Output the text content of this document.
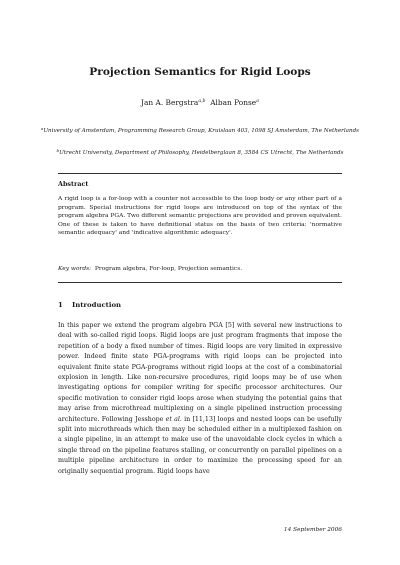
Projection Semantics for Rigid Loops
Jan A. Bergstra$^{a,b}$ Alban Ponse$^a$
$^a$University of Amsterdam, Programming Research Group, Kruislaan 403, 1098 SJ Amsterdam, The Netherlands
$^b$Utrecht University, Department of Philosophy, Heidelberglaan 8, 3584 CS Utrecht, The Netherlands
Abstract
A rigid loop is a for-loop with a counter not accessible to the loop body or any other part of a program. Special instructions for rigid loops are introduced on top of the syntax of the program algebra PGA. Two different semantic projections are provided and proven equivalent. One of these is taken to have definitional status on the basis of two criteria: 'normative semantic adequacy' and 'indicative algorithmic adequacy'.
Key words: Program algebra, For-loop, Projection semantics.
1 Introduction
In this paper we extend the program algebra PGA [5] with several new instructions to deal with so-called rigid loops. Rigid loops are just program fragments that impose the repetition of a body a fixed number of times. Rigid loops are very limited in expressive power. Indeed finite state PGA-programs with rigid loops can be projected into equivalent finite state PGA-programs without rigid loops at the cost of a combinatorial explosion in length. Like non-recursive procedures, rigid loops may be of use when investigating options for compiler writing for specific processor architectures. Our specific motivation to consider rigid loops arose when studying the potential gains that may arise from microthread multiplexing on a single pipelined instruction processing architecture. Following Jesshope et al. in [11,13] loops and nested loops can be usefully split into microthreads which then may be scheduled either in a multiplexed fashion on a single pipeline, in an attempt to make use of the unavoidable clock cycles in which a single thread on the pipeline features stalling, or concurrently on parallel pipelines on a multiple pipeline architecture in order to maximize the processing speed for an originally sequential program. Rigid loops have
14 September 2006
